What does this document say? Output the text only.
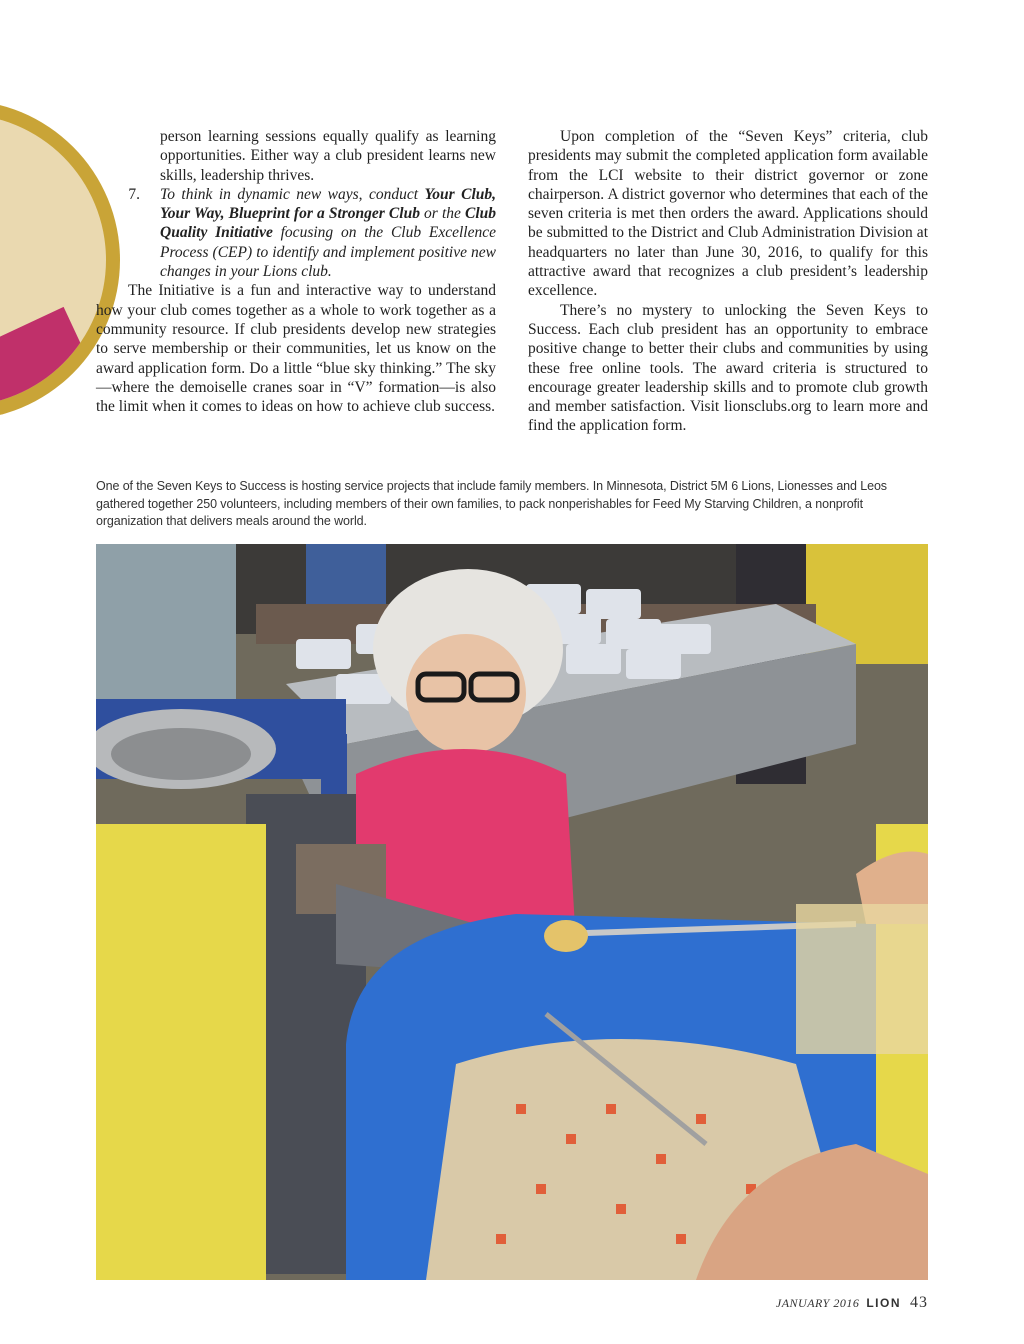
person learning sessions equally qualify as learning opportunities. Either way a club president learns new skills, leadership thrives.

7.	To think in dynamic new ways, conduct Your Club, Your Way, Blueprint for a Stronger Club or the Club Quality Initiative focusing on the Club Excellence Process (CEP) to identify and implement positive new changes in your Lions club.

The Initiative is a fun and interactive way to understand how your club comes together as a whole to work together as a community resource. If club presidents develop new strategies to serve membership or their communities, let us know on the award application form. Do a little “blue sky thinking.” The sky—where the demoiselle cranes soar in “V” formation—is also the limit when it comes to ideas on how to achieve club success.

Upon completion of the “Seven Keys” criteria, club presidents may submit the completed application form available from the LCI website to their district governor or zone chairperson. A district governor who determines that each of the seven criteria is met then orders the award. Applications should be submitted to the District and Club Administration Division at headquarters no later than June 30, 2016, to qualify for this attractive award that recognizes a club president’s leadership excellence.

There’s no mystery to unlocking the Seven Keys to Success. Each club president has an opportunity to embrace positive change to better their clubs and communities by using these free online tools. The award criteria is structured to encourage greater leadership skills and to promote club growth and member satisfaction. Visit lionsclubs.org to learn more and find the application form.

One of the Seven Keys to Success is hosting service projects that include family members. In Minnesota, District 5M 6 Lions, Lionesses and Leos gathered together 250 volunteers, including members of their own families, to pack nonperishables for Feed My Starving Children, a nonprofit organization that delivers meals around the world.
JANUARY 2016 LION 43
